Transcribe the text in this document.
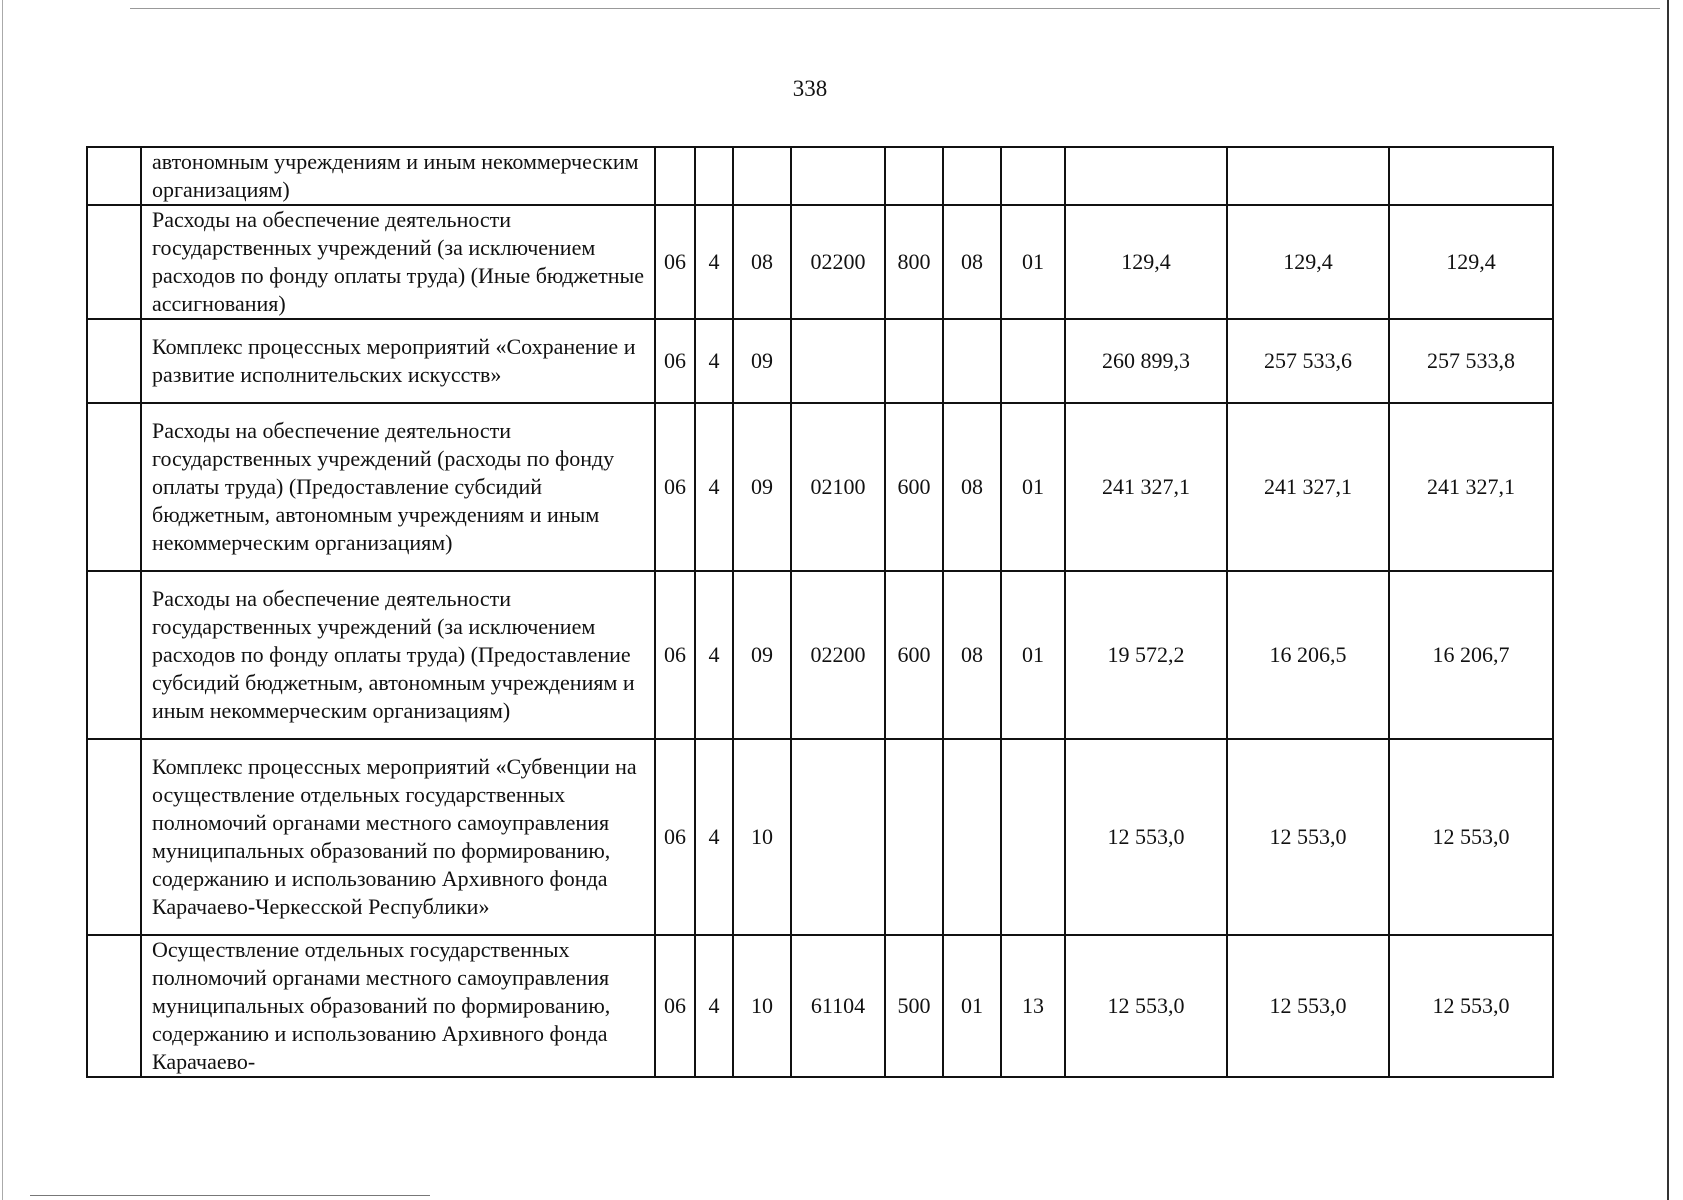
338
	автономным учреждениям и иным некоммерческим организациям)										
	Расходы на обеспечение деятельности государственных учреждений (за исключением расходов по фонду оплаты труда) (Иные бюджетные ассигнования)	06	4	08	02200	800	08	01	129,4	129,4	129,4
	Комплекс процессных мероприятий «Сохранение и развитие исполнительских искусств»	06	4	09					260 899,3	257 533,6	257 533,8
	Расходы на обеспечение деятельности государственных учреждений (расходы по фонду оплаты труда) (Предоставление субсидий бюджетным, автономным учреждениям и иным некоммерческим организациям)	06	4	09	02100	600	08	01	241 327,1	241 327,1	241 327,1
	Расходы на обеспечение деятельности государственных учреждений (за исключением расходов по фонду оплаты труда) (Предоставление субсидий бюджетным, автономным учреждениям и иным некоммерческим организациям)	06	4	09	02200	600	08	01	19 572,2	16 206,5	16 206,7
	Комплекс процессных мероприятий «Субвенции на осуществление отдельных государственных полномочий органами местного самоуправления муниципальных образований по формированию, содержанию и использованию Архивного фонда Карачаево-Черкесской Республики»	06	4	10					12 553,0	12 553,0	12 553,0
	Осуществление отдельных государственных полномочий органами местного самоуправления муниципальных образований по формированию, содержанию и использованию Архивного фонда Карачаево-	06	4	10	61104	500	01	13	12 553,0	12 553,0	12 553,0
